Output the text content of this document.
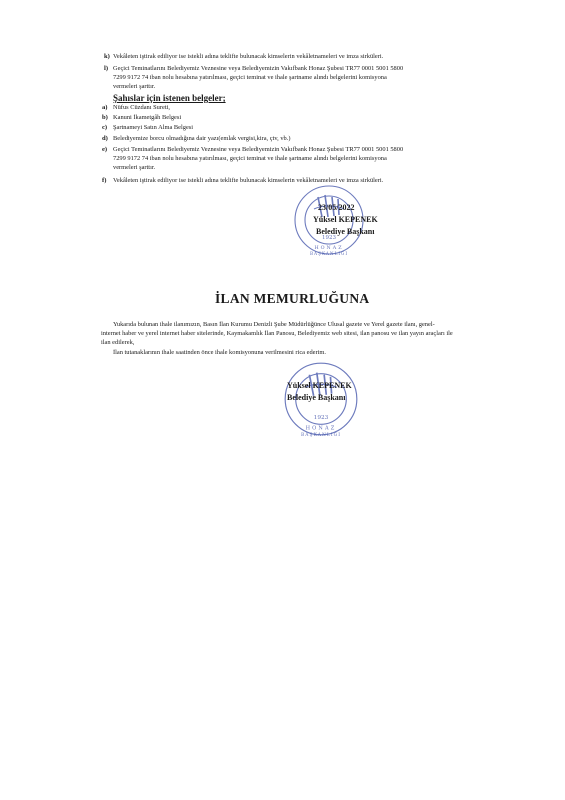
k) Vekâleten iştirak ediliyor ise istekli adına teklifte bulunacak kimselerin vekâletnameleri ve imza sirküleri.
l) Geçici Teminatlarını Belediyemiz Veznesine veya Belediyemizin Vakıfbank Honaz Şubesi TR77 0001 5001 5800
7299 9172 74 iban nolu hesabına yatırılması, geçici teminat ve ihale şartname alındı belgelerini komisyona
vermeleri şarttır.
Şahıslar için istenen belgeler;
a) Nüfus Cüzdanı Sureti,
b) Kanuni İkametgâh Belgesi
c) Şartnameyi Satın Alma Belgesi
d) Belediyemize borcu olmadığına dair yazı(emlak vergisi,kira, çtv, vb.)
e) Geçici Teminatlarını Belediyemiz Veznesine veya Belediyemizin Vakıfbank Honaz Şubesi TR77 0001 5001 5800
7299 9172 74 iban nolu hesabına yatırılması, geçici teminat ve ihale şartname alındı belgelerini komisyona
vermeleri şarttır.
f) Vekâleten iştirak ediliyor ise istekli adına teklifte bulunacak kimselerin vekâletnameleri ve imza sirküleri.
1923
HONAZ
BAŞKANLIĞI
23/05/2022
Yüksel KEPENEK
Belediye Başkanı
İLAN MEMURLUĞUNA
Yukarıda bulunan ihale ilanımızın, Basın İlan Kurumu Denizli Şube Müdürlüğünce Ulusal gazete ve Yerel gazete ilanı, genel-
internet haber ve yerel internet haber sitelerinde, Kaymakamlık İlan Panosu, Belediyemiz web sitesi, ilan panosu ve ilan yayın araçları ile
ilan edilerek,
İlan tutanaklarının ihale saatinden önce ihale komisyonuna verilmesini rica ederim.
1923
HONAZ
BAŞKANLIĞI
Yüksel KEPENEK
Belediye Başkanı
